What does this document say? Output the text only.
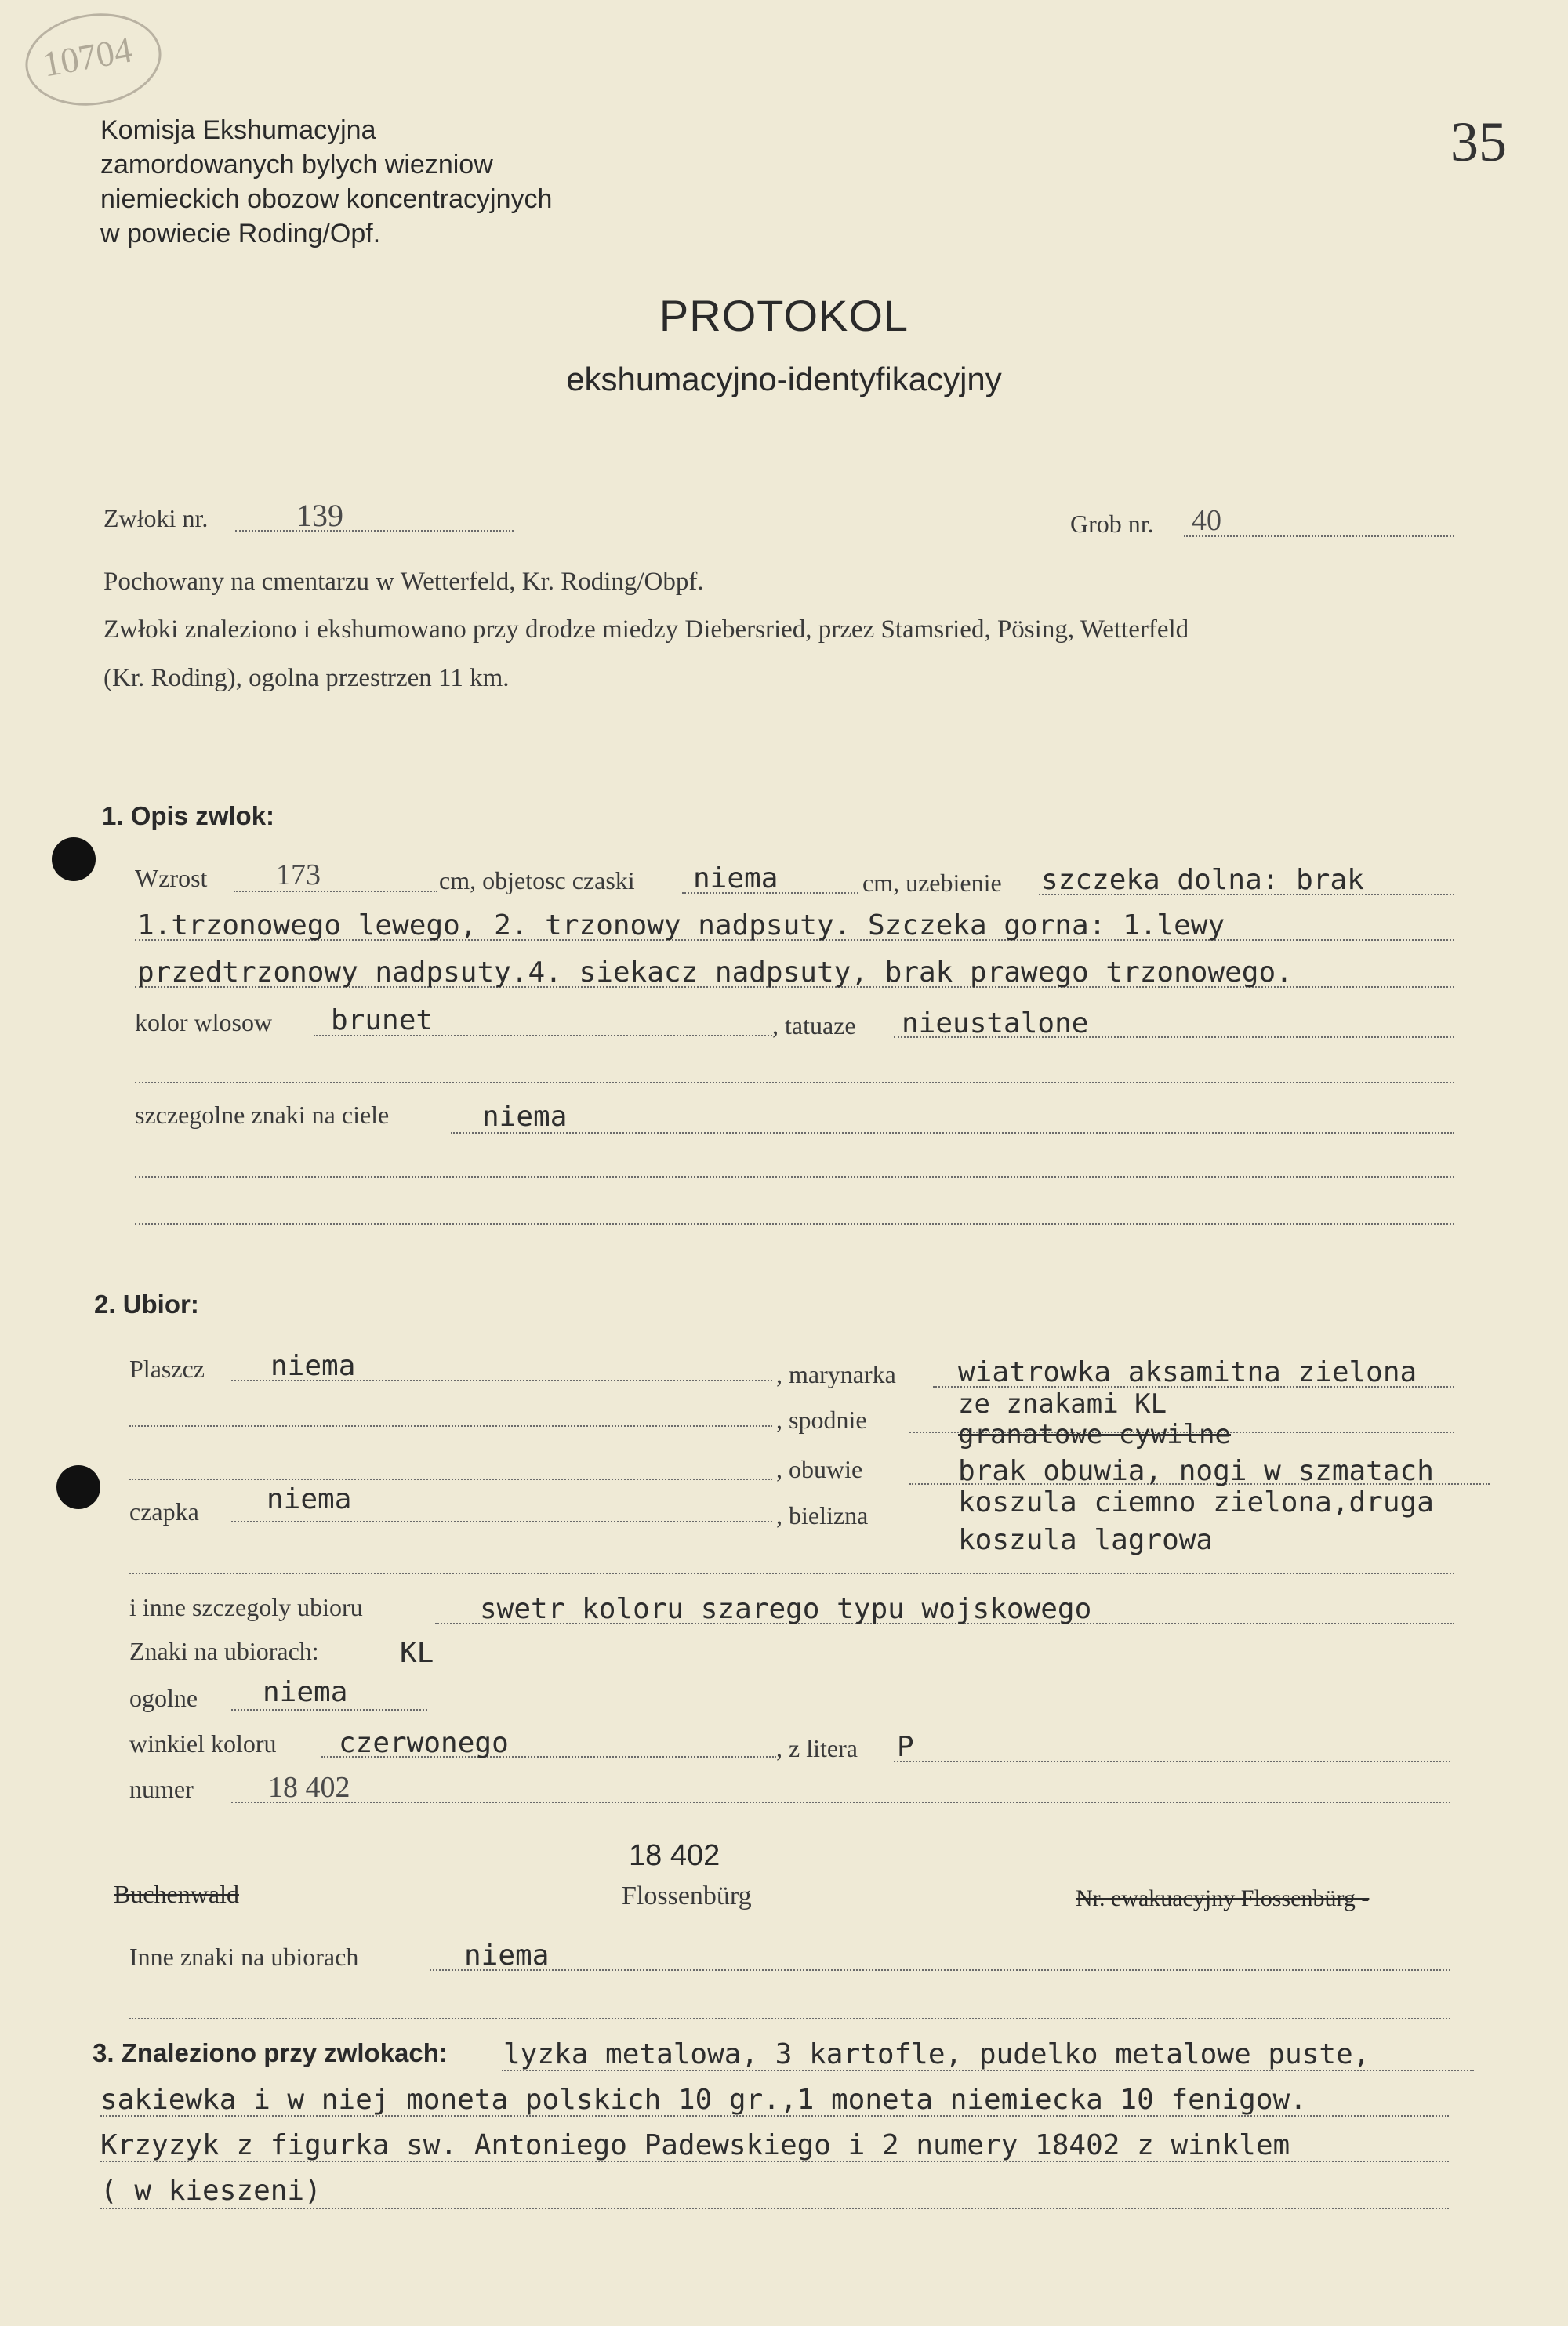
10704
35
Komisja Ekshumacyjna
zamordowanych bylych wiezniow
niemieckich obozow koncentracyjnych
w powiecie Roding/Opf.
PROTOKOL
ekshumacyjno-identyfikacyjny
Zwłoki nr.	139	Grob nr. 40
Pochowany na cmentarzu w Wetterfeld, Kr. Roding/Obpf.
Zwłoki znaleziono i ekshumowano przy drodze miedzy Diebersried, przez Stamsried, Pösing, Wetterfeld
(Kr. Roding), ogolna przestrzen 11 km.
1. Opis zwlok:
Wzrost 173	cm, objetosc czaski niema	cm, uzebienie szczeka dolna: brak
1.trzonowego lewego, 2. trzonowy nadpsuty. Szczeka gorna: 1.lewy
przedtrzonowy nadpsuty.4. siekacz nadpsuty, brak prawego trzonowego.
kolor wlosow brunet	, tatuaze nieustalone
szczegolne znaki na ciele	niema
2. Ubior:
Plaszcz niema	, marynarka wiatrowka aksamitna zielona
ze znakami KL
, spodnie	granatowe cywilne
, obuwie	brak obuwia, nogi w szmatach
czapka niema	, bielizna	koszula ciemno zielona,druga
koszula lagrowa
i inne szczegoly ubioru	swetr koloru szarego typu wojskowego
Znaki na ubiorach:	KL
ogolne niema
winkiel koloru czerwonego	, z litera P
numer	18 402
18 402
Buchenwald	Flossenbürg	Nr. ewakuacyjny Flossenbürg -
Inne znaki na ubiorach	niema
3. Znaleziono przy zwlokach: lyzka metalowa, 3 kartofle, pudelko metalowe puste,
sakiewka i w niej moneta polskich 10 gr.,1 moneta niemiecka 10 fenigow.
Krzyzyk z figurka sw. Antoniego Padewskiego i 2 numery 18402 z winklem
( w kieszeni)
